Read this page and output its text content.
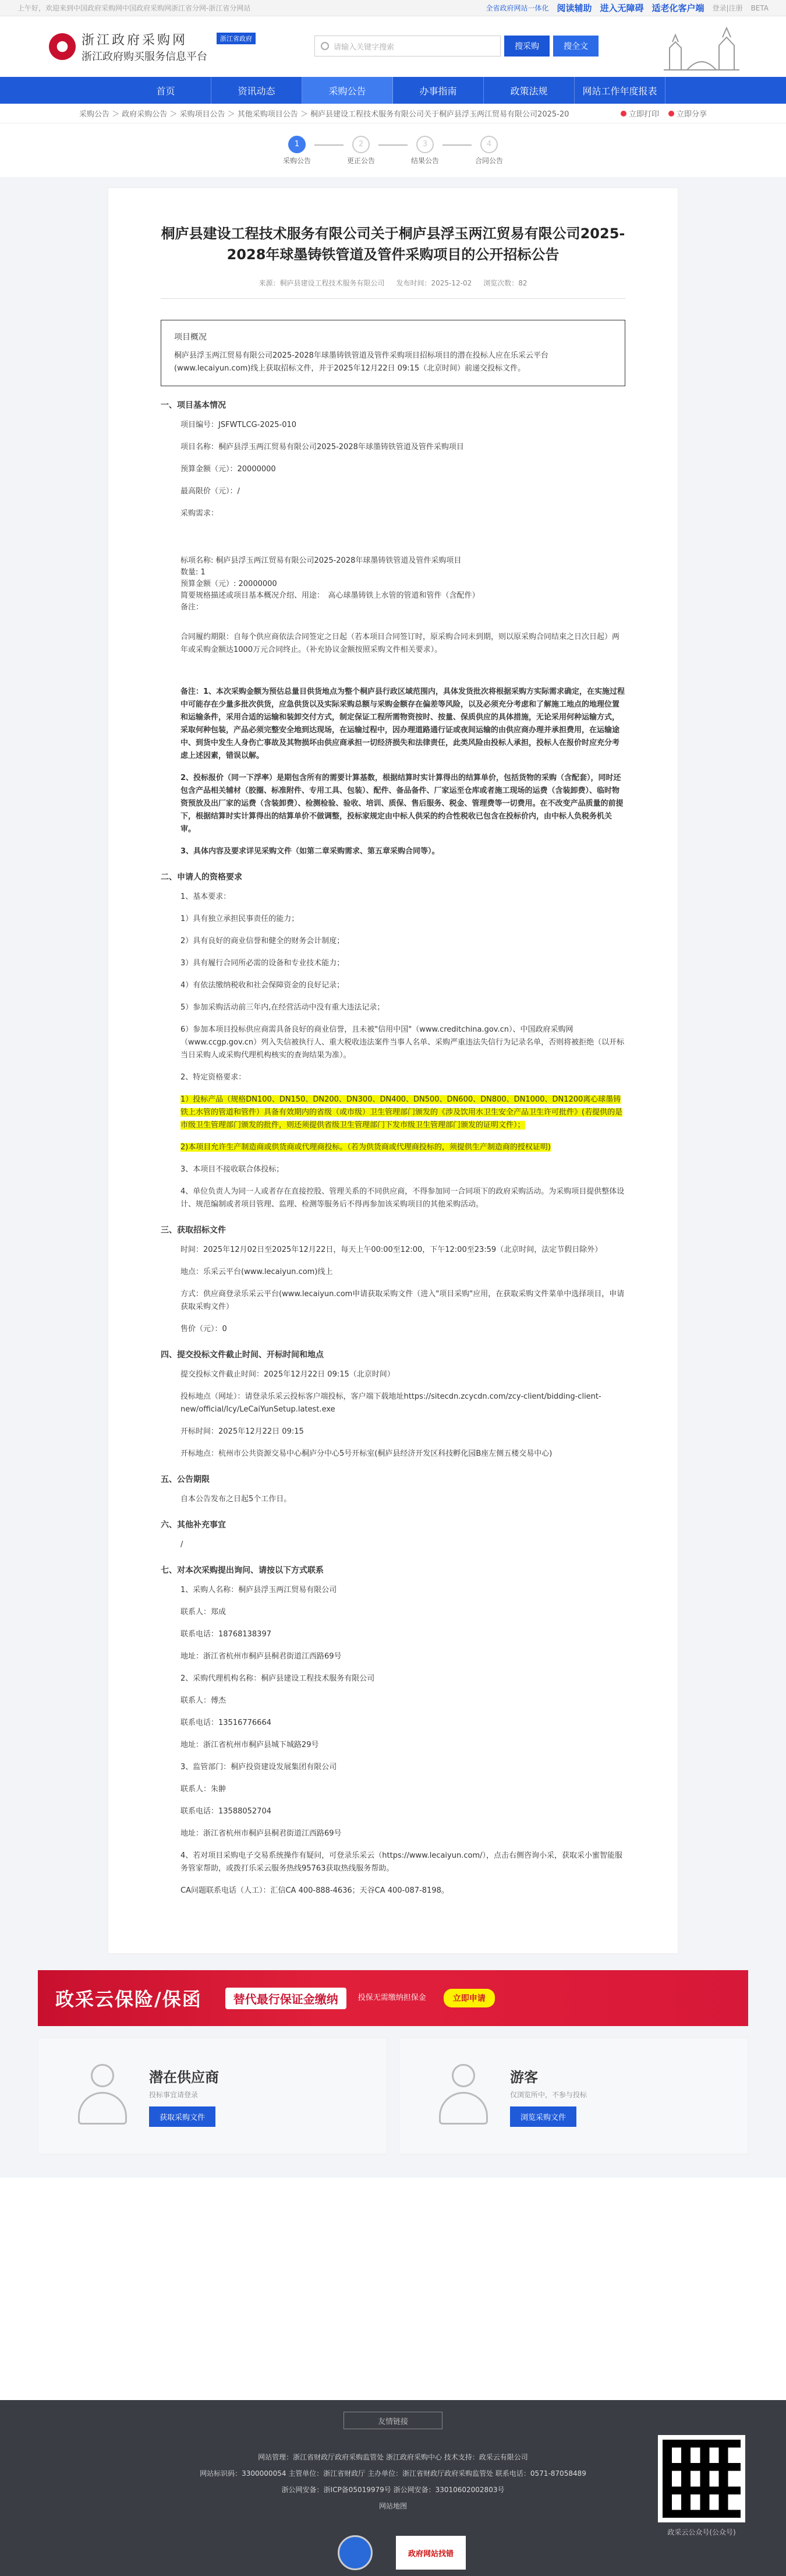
上午好，欢迎来到中国政府采购网中国政府采购网浙江省分网-浙江省分网站	全省政府网站一体化 阅读辅助 进入无障碍 适老化客户端 登录|注册 BETA
浙江政府采购网
浙江政府购买服务信息平台
浙江省政府
请输入关键字搜索	搜采购	搜全文
首页	资讯动态	采购公告	办事指南	政策法规	网站工作年度报表
采购公告 ＞ 政府采购公告 ＞ 采购项目公告 ＞ 其他采购项目公告 ＞ 桐庐县建设工程技术服务有限公司关于桐庐县浮玉两江贸易有限公司2025-20	立即打印 立即分享
1
采购公告
2
更正公告
3
结果公告
4
合同公告
桐庐县建设工程技术服务有限公司关于桐庐县浮玉两江贸易有限公司2025-2028年球墨铸铁管道及管件采购项目的公开招标公告
来源：桐庐县建设工程技术服务有限公司 发布时间：2025-12-02 浏览次数：82
项目概况
桐庐县浮玉两江贸易有限公司2025-2028年球墨铸铁管道及管件采购项目招标项目的潜在投标人应在乐采云平台(www.lecaiyun.com)线上获取招标文件，并于2025年12月22日 09:15（北京时间）前递交投标文件。
一、项目基本情况
项目编号：JSFWTLCG-2025-010
项目名称：桐庐县浮玉两江贸易有限公司2025-2028年球墨铸铁管道及管件采购项目
预算金额（元）：20000000
最高限价（元）：/
采购需求：
标项名称: 桐庐县浮玉两江贸易有限公司2025-2028年球墨铸铁管道及管件采购项目
数量: 1
预算金额（元）: 20000000
简要规格描述或项目基本概况介绍、用途：　高心球墨铸铁上水管的管道和管件（含配件）
备注：
合同履约期限：自每个供应商依法合同签定之日起（若本项目合同签订时，原采购合同未到期，则以原采购合同结束之日次日起）两年或采购金额达1000万元合同终止。（补充协议金额按照采购文件相关要求）。
备注：1、本次采购金额为预估总量目供货地点为整个桐庐县行政区域范围内，具体发货批次将根据采购方实际需求确定，在实施过程中可能存在少量多批次供货，应急供货以及实际采购总额与采购金额存在偏差等风险，以及必须充分考虑和了解施工地点的地理位置和运输条件，采用合适的运输和装卸交付方式，制定保证工程所需物资按时、按量、保质供应的具体措施，无论采用何种运输方式，采取何种包装，产品必须完整安全地到达现场，在运输过程中，因办理道路通行证或夜间运输的由供应商办理并承担费用，在运输途中、到货中发生人身伤亡事故及其物损坏由供应商承担一切经济损失和法律责任，此类风险由投标人承担，投标人在报价时应充分考虑上述因素，错误以解。
2、投标报价（同一下浮率）是期包含所有的需要计算基数，根据结算时实计算得出的结算单价，包括货物的采购（含配套），同时还包含产品相关辅材（胶圈、标准附件、专用工具、包装）、配件、备品备件、厂家运至仓库或者施工现场的运费（含装卸费）、临时物资预放及出厂家的运费（含装卸费）、检测检验、验收、培训、质保、售后服务、税金、管理费等一切费用。在不改变产品质量的前提下，根据结算时实计算得出的结算单价不做调整，投标家规定由中标人供采的约合性税收已包含在投标价内，由中标人负税务机关审。
3、具体内容及要求详见采购文件（如第二章采购需求、第五章采购合同等）。
二、申请人的资格要求
1、基本要求：
1）具有独立承担民事责任的能力；
2）具有良好的商业信誉和健全的财务会计制度；
3）具有履行合同所必需的设备和专业技术能力；
4）有依法缴纳税收和社会保障资金的良好记录；
5）参加采购活动前三年内,在经营活动中没有重大违法记录；
6）参加本项目投标供应商需具备良好的商业信誉，且未被"信用中国"（www.creditchina.gov.cn）、中国政府采购网（www.ccgp.gov.cn）列入失信被执行人、重大税收违法案件当事人名单、采购严重违法失信行为记录名单，否则将被拒绝（以开标当日采购人或采购代理机构核实的查询结果为准）。
2、特定资格要求：
1）投标产品（规格DN100、DN150、DN200、DN300、DN400、DN500、DN600、DN800、DN1000、DN1200离心球墨铸铁上水管的管道和管件）具备有效期内的省级（或市级）卫生管理部门颁发的《涉及饮用水卫生安全产品卫生许可批件》(若提供的是市级卫生管理部门颁发的批件，则还须提供省级卫生管理部门下发市级卫生管理部门颁发的证明文件）；
2)本项目允许生产制造商或供货商或代理商投标。（若为供货商或代理商投标的，须提供生产制造商的授权证明)
3、本项目不接收联合体投标；
4、单位负责人为同一人或者存在直接控股、管理关系的不同供应商，不得参加同一合同项下的政府采购活动。为采购项目提供整体设计、规范编制或者项目管理、监理、检测等服务后不得再参加该采购项目的其他采购活动。
三、获取招标文件
时间：2025年12月02日至2025年12月22日，每天上午00:00至12:00，下午12:00至23:59（北京时间，法定节假日除外）
地点：乐采云平台(www.lecaiyun.com)线上
方式：供应商登录乐采云平台(www.lecaiyun.com申请获取采购文件（进入"项目采购"应用，在获取采购文件菜单中选择项目，申请获取采购文件）
售价（元）：0
四、提交投标文件截止时间、开标时间和地点
提交投标文件截止时间：2025年12月22日 09:15（北京时间）
投标地点（网址）：请登录乐采云投标客户端投标，客户端下载地址https://sitecdn.zcycdn.com/zcy-client/bidding-client-new/official/lcy/LeCaiYunSetup.latest.exe
开标时间：2025年12月22日 09:15
开标地点：杭州市公共资源交易中心桐庐分中心5号开标室(桐庐县经济开发区科技孵化园B座左侧五楼交易中心)
五、公告期限
自本公告发布之日起5个工作日。
六、其他补充事宜
/
七、对本次采购提出询问、请按以下方式联系
1、采购人名称：桐庐县浮玉两江贸易有限公司
联系人：郑成
联系电话：18768138397
地址：浙江省杭州市桐庐县桐君街道江西路69号
2、采购代理机构名称：桐庐县建设工程技术服务有限公司
联系人：傅杰
联系电话：13516776664
地址：浙江省杭州市桐庐县城下城路29号
3、监管部门：桐庐投资建设发展集团有限公司
联系人：朱翀
联系电话：13588052704
地址：浙江省杭州市桐庐县桐君街道江西路69号
4、若对项目采购电子交易系统操作有疑问，可登录乐采云（https://www.lecaiyun.com/），点击右侧咨询小采，获取采小蜜智能服务管家帮助，或拨打乐采云服务热线95763获取热线服务帮助。
CA问题联系电话（人工）：汇信CA 400-888-4636；天谷CA 400-087-8198。
政采云保险/保函	替代最行保证金缴纳	投保无需缴纳担保金	立即申请
潜在供应商
投标事宜请登录
获取采购文件
游客
仅浏览所中，不参与投标
浏览采购文件
友情链接
网站管理：浙江省财政厅政府采购监管处 浙江政府采购中心 技术支持：政采云有限公司
网站标识码：3300000054 主管单位：浙江省财政厅 主办单位：浙江省财政厅政府采购监管处 联系电话：0571-87058489
浙公网安备：浙ICP备05019979号 浙公网安备：33010602002803号
网站地图
政采云公众号(公众号)
政府网站找错
